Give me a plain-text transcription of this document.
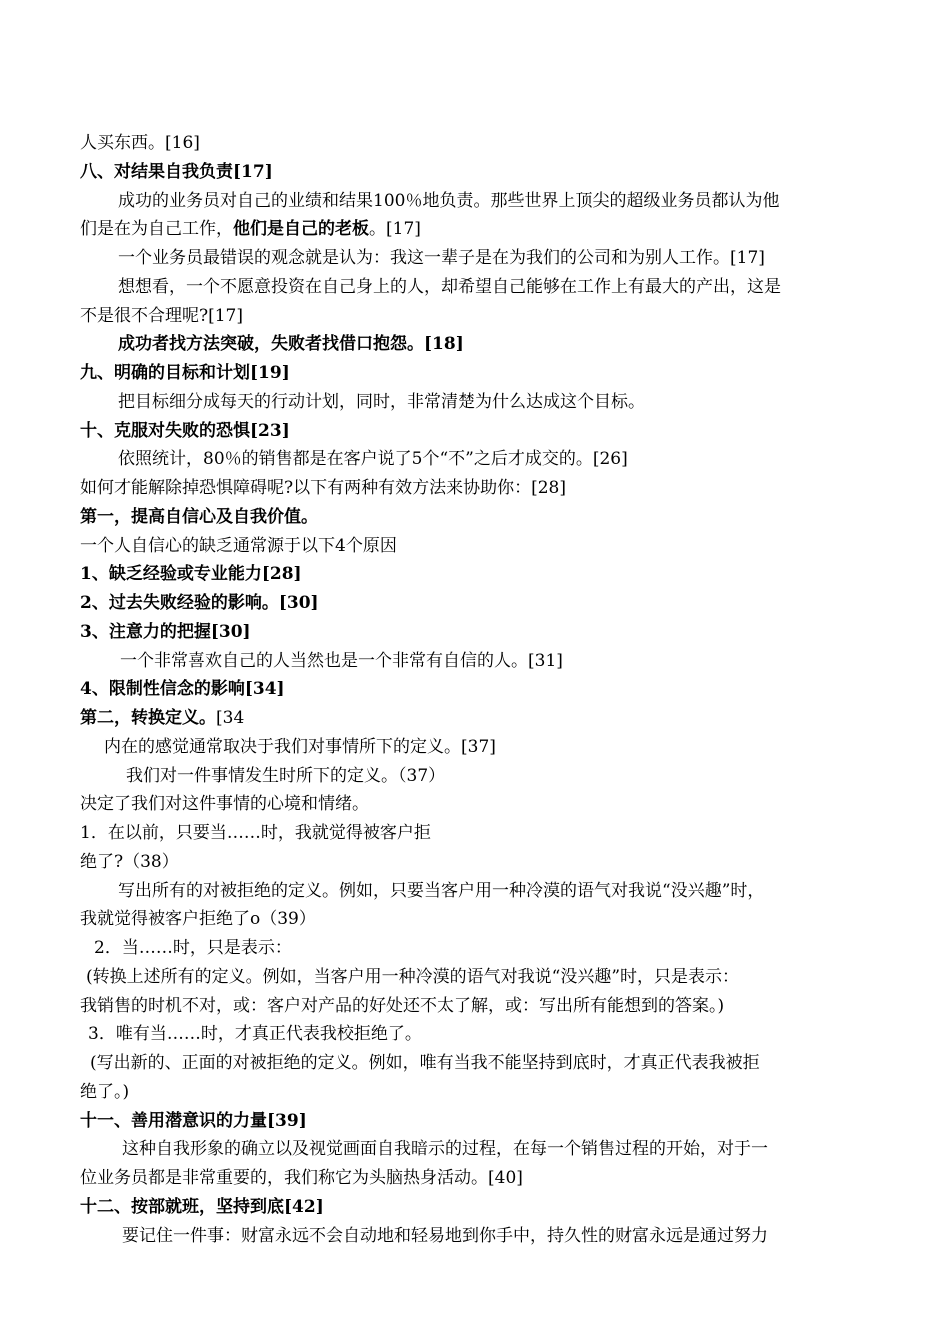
人买东西。[16]
八、对结果自我负责[17]
成功的业务员对自己的业绩和结果100％地负责。那些世界上顶尖的超级业务员都认为他
们是在为自己工作，他们是自己的老板。[17]
一个业务员最错误的观念就是认为：我这一辈子是在为我们的公司和为别人工作。[17]
想想看，一个不愿意投资在自己身上的人，却希望自己能够在工作上有最大的产出，这是
不是很不合理呢?[17]
成功者找方法突破，失败者找借口抱怨。[18]
九、明确的目标和计划[19]
把目标细分成每天的行动计划，同时，非常清楚为什么达成这个目标。
十、克服对失败的恐惧[23]
依照统计，80％的销售都是在客户说了5个“不”之后才成交的。[26]
如何才能解除掉恐惧障碍呢?以下有两种有效方法来协助你：[28]
第一，提高自信心及自我价值。
一个人自信心的缺乏通常源于以下4个原因
1、缺乏经验或专业能力[28]
2、过去失败经验的影响。[30]
3、注意力的把握[30]
一个非常喜欢自己的人当然也是一个非常有自信的人。[31]
4、限制性信念的影响[34]
第二，转换定义。[34
内在的感觉通常取决于我们对事情所下的定义。[37]
我们对一件事情发生时所下的定义。（37）
决定了我们对这件事情的心境和情绪。
1．在以前，只要当……时，我就觉得被客户拒
绝了?（38）
写出所有的对被拒绝的定义。例如，只要当客户用一种冷漠的语气对我说“没兴趣”时，
我就觉得被客户拒绝了o（39）
2．当……时，只是表示：
(转换上述所有的定义。例如，当客户用一种冷漠的语气对我说“没兴趣”时，只是表示：
我销售的时机不对，或：客户对产品的好处还不太了解，或：写出所有能想到的答案。)
3．唯有当……时，才真正代表我校拒绝了。
(写出新的、正面的对被拒绝的定义。例如，唯有当我不能坚持到底时，才真正代表我被拒
绝了。)
十一、善用潜意识的力量[39]
这种自我形象的确立以及视觉画面自我暗示的过程，在每一个销售过程的开始，对于一
位业务员都是非常重要的，我们称它为头脑热身活动。[40]
十二、按部就班，坚持到底[42]
要记住一件事：财富永远不会自动地和轻易地到你手中，持久性的财富永远是通过努力
